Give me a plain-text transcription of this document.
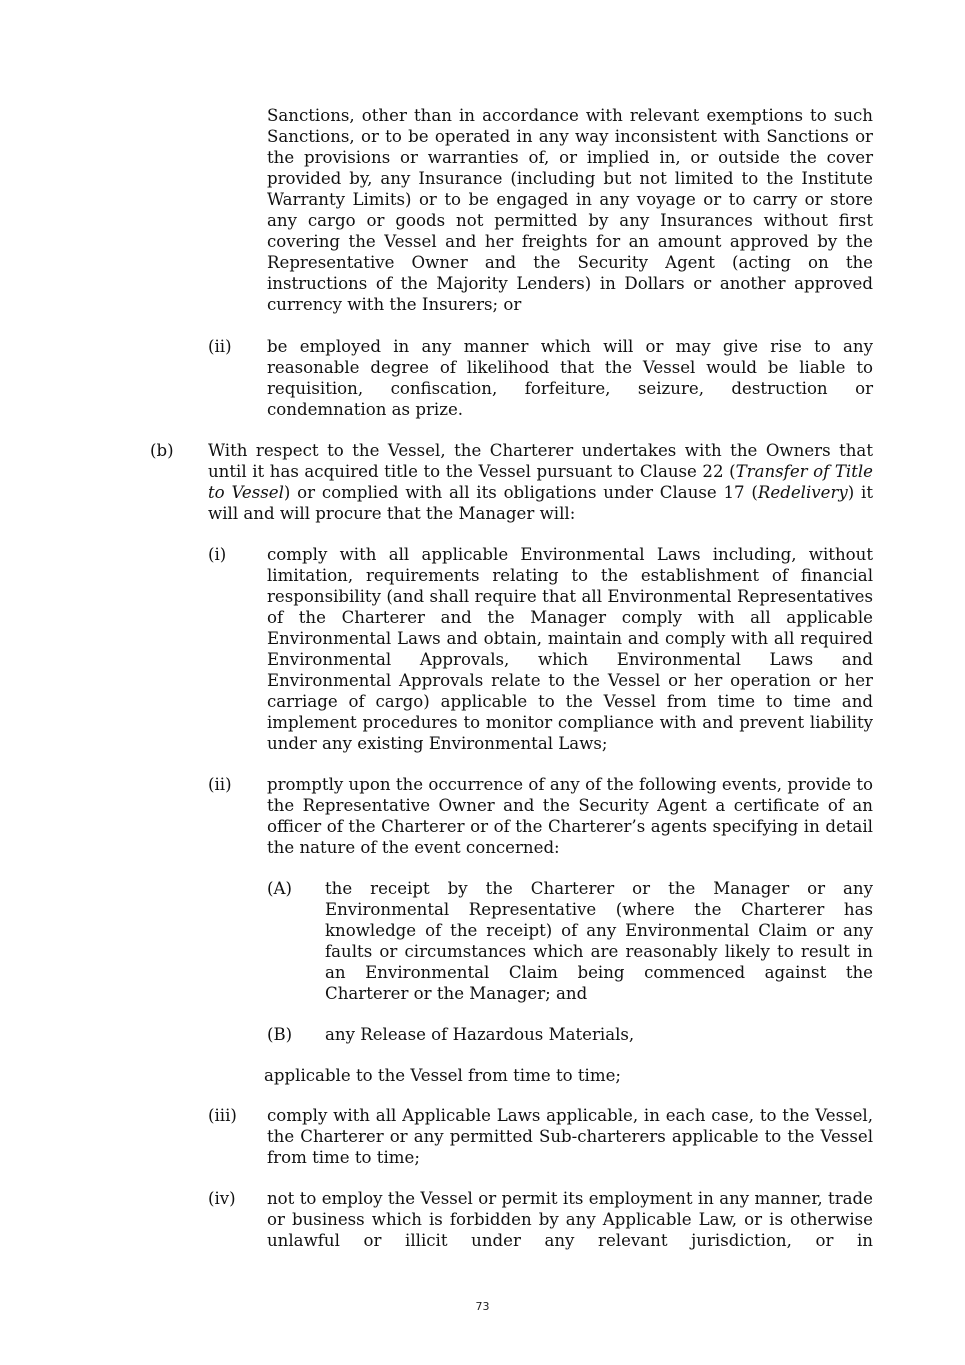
Sanctions, other than in accordance with relevant exemptions to such Sanctions, or to be operated in any way inconsistent with Sanctions or the provisions or warranties of, or implied in, or outside the cover provided by, any Insurance (including but not limited to the Institute Warranty Limits) or to be engaged in any voyage or to carry or store any cargo or goods not permitted by any Insurances without first covering the Vessel and her freights for an amount approved by the Representative Owner and the Security Agent (acting on the instructions of the Majority Lenders) in Dollars or another approved currency with the Insurers; or

(ii) be employed in any manner which will or may give rise to any reasonable degree of likelihood that the Vessel would be liable to requisition, confiscation, forfeiture, seizure, destruction or condemnation as prize.

(b) With respect to the Vessel, the Charterer undertakes with the Owners that until it has acquired title to the Vessel pursuant to Clause 22 (Transfer of Title to Vessel) or complied with all its obligations under Clause 17 (Redelivery) it will and will procure that the Manager will:

(i) comply with all applicable Environmental Laws including, without limitation, requirements relating to the establishment of financial responsibility (and shall require that all Environmental Representatives of the Charterer and the Manager comply with all applicable Environmental Laws and obtain, maintain and comply with all required Environmental Approvals, which Environmental Laws and Environmental Approvals relate to the Vessel or her operation or her carriage of cargo) applicable to the Vessel from time to time and implement procedures to monitor compliance with and prevent liability under any existing Environmental Laws;

(ii) promptly upon the occurrence of any of the following events, provide to the Representative Owner and the Security Agent a certificate of an officer of the Charterer or of the Charterer’s agents specifying in detail the nature of the event concerned:

(A) the receipt by the Charterer or the Manager or any Environmental Representative (where the Charterer has knowledge of the receipt) of any Environmental Claim or any faults or circumstances which are reasonably likely to result in an Environmental Claim being commenced against the Charterer or the Manager; and

(B) any Release of Hazardous Materials,

applicable to the Vessel from time to time;

(iii) comply with all Applicable Laws applicable, in each case, to the Vessel, the Charterer or any permitted Sub-charterers applicable to the Vessel from time to time;

(iv) not to employ the Vessel or permit its employment in any manner, trade or business which is forbidden by any Applicable Law, or is otherwise unlawful or illicit under any relevant jurisdiction, or in

73
